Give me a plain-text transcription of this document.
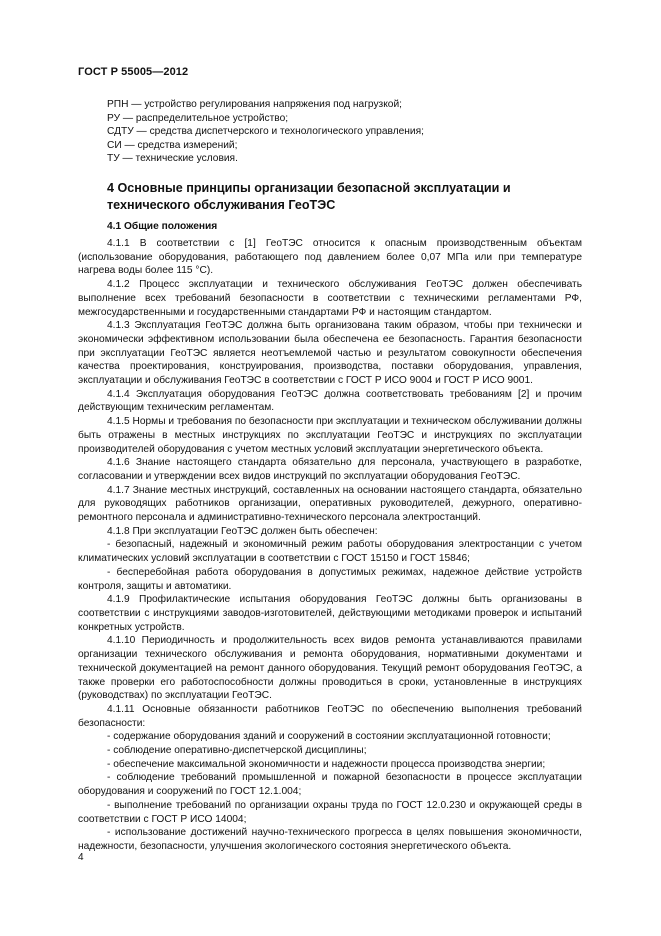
ГОСТ Р 55005—2012
РПН — устройство регулирования напряжения под нагрузкой;
РУ — распределительное устройство;
СДТУ — средства диспетчерского и технологического управления;
СИ — средства измерений;
ТУ — технические условия.
4 Основные принципы организации безопасной эксплуатации и технического обслуживания ГеоТЭС
4.1 Общие положения

4.1.1 В соответствии с [1] ГеоТЭС относится к опасным производственным объектам (использование оборудования, работающего под давлением более 0,07 МПа или при температуре нагрева воды более 115 °С).

4.1.2 Процесс эксплуатации и технического обслуживания ГеоТЭС должен обеспечивать выполнение всех требований безопасности в соответствии с техническими регламентами РФ, межгосударственными и государственными стандартами РФ и настоящим стандартом.

4.1.3 Эксплуатация ГеоТЭС должна быть организована таким образом, чтобы при технически и экономически эффективном использовании была обеспечена ее безопасность. Гарантия безопасности при эксплуатации ГеоТЭС является неотъемлемой частью и результатом совокупности обеспечения качества проектирования, конструирования, производства, поставки оборудования, управления, эксплуатации и обслуживания ГеоТЭС в соответствии с ГОСТ Р ИСО 9004 и ГОСТ Р ИСО 9001.

4.1.4 Эксплуатация оборудования ГеоТЭС должна соответствовать требованиям [2] и прочим действующим техническим регламентам.

4.1.5 Нормы и требования по безопасности при эксплуатации и техническом обслуживании должны быть отражены в местных инструкциях по эксплуатации ГеоТЭС и инструкциях по эксплуатации производителей оборудования с учетом местных условий эксплуатации энергетического объекта.

4.1.6 Знание настоящего стандарта обязательно для персонала, участвующего в разработке, согласовании и утверждении всех видов инструкций по эксплуатации оборудования ГеоТЭС.

4.1.7 Знание местных инструкций, составленных на основании настоящего стандарта, обязательно для руководящих работников организации, оперативных руководителей, дежурного, оперативно-ремонтного персонала и административно-технического персонала электростанций.

4.1.8 При эксплуатации ГеоТЭС должен быть обеспечен:

- безопасный, надежный и экономичный режим работы оборудования электростанции с учетом климатических условий эксплуатации в соответствии с ГОСТ 15150 и ГОСТ 15846;

- бесперебойная работа оборудования в допустимых режимах, надежное действие устройств контроля, защиты и автоматики.

4.1.9 Профилактические испытания оборудования ГеоТЭС должны быть организованы в соответствии с инструкциями заводов-изготовителей, действующими методиками проверок и испытаний конкретных устройств.

4.1.10 Периодичность и продолжительность всех видов ремонта устанавливаются правилами организации технического обслуживания и ремонта оборудования, нормативными документами и технической документацией на ремонт данного оборудования. Текущий ремонт оборудования ГеоТЭС, а также проверки его работоспособности должны проводиться в сроки, установленные в инструкциях (руководствах) по эксплуатации ГеоТЭС.

4.1.11 Основные обязанности работников ГеоТЭС по обеспечению выполнения требований безопасности:

- содержание оборудования зданий и сооружений в состоянии эксплуатационной готовности;

- соблюдение оперативно-диспетчерской дисциплины;

- обеспечение максимальной экономичности и надежности процесса производства энергии;

- соблюдение требований промышленной и пожарной безопасности в процессе эксплуатации оборудования и сооружений по ГОСТ 12.1.004;

- выполнение требований по организации охраны труда по ГОСТ 12.0.230 и окружающей среды в соответствии с ГОСТ Р ИСО 14004;

- использование достижений научно-технического прогресса в целях повышения экономичности, надежности, безопасности, улучшения экологического состояния энергетического объекта.

4
